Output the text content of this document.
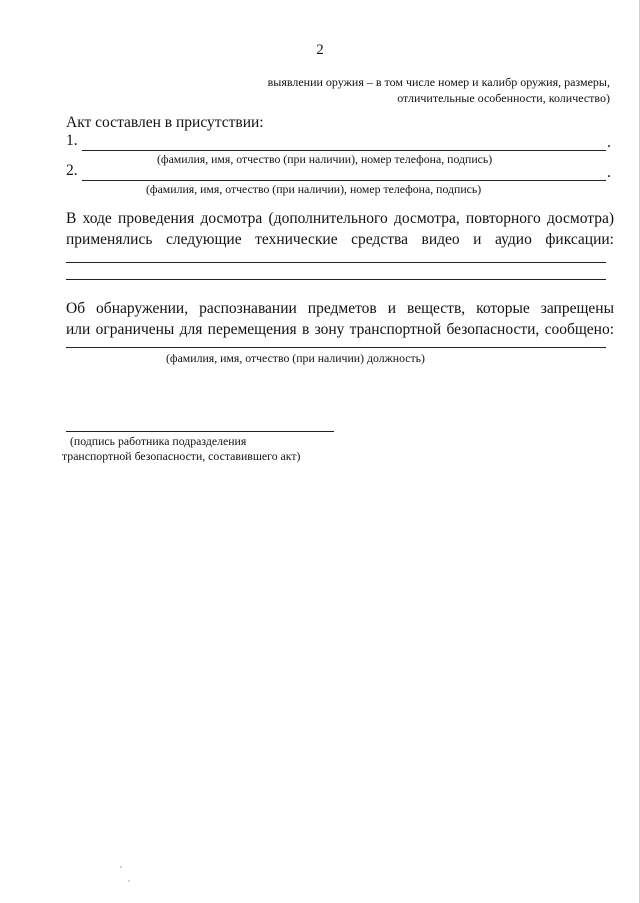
2
выявлении оружия – в том числе номер и калибр оружия, размеры,
отличительные особенности, количество)
Акт составлен в присутствии:
1.	.
(фамилия, имя, отчество (при наличии), номер телефона, подпись)
2.	.
(фамилия, имя, отчество (при наличии), номер телефона, подпись)
В ходе проведения досмотра (дополнительного досмотра, повторного досмотра)
применялись следующие технические средства видео и аудио фиксации:
Об обнаружении, распознавании предметов и веществ, которые запрещены
или ограничены для перемещения в зону транспортной безопасности, сообщено:
(фамилия, имя, отчество (при наличии) должность)
(подпись работника подразделения
транспортной безопасности, составившего акт)
